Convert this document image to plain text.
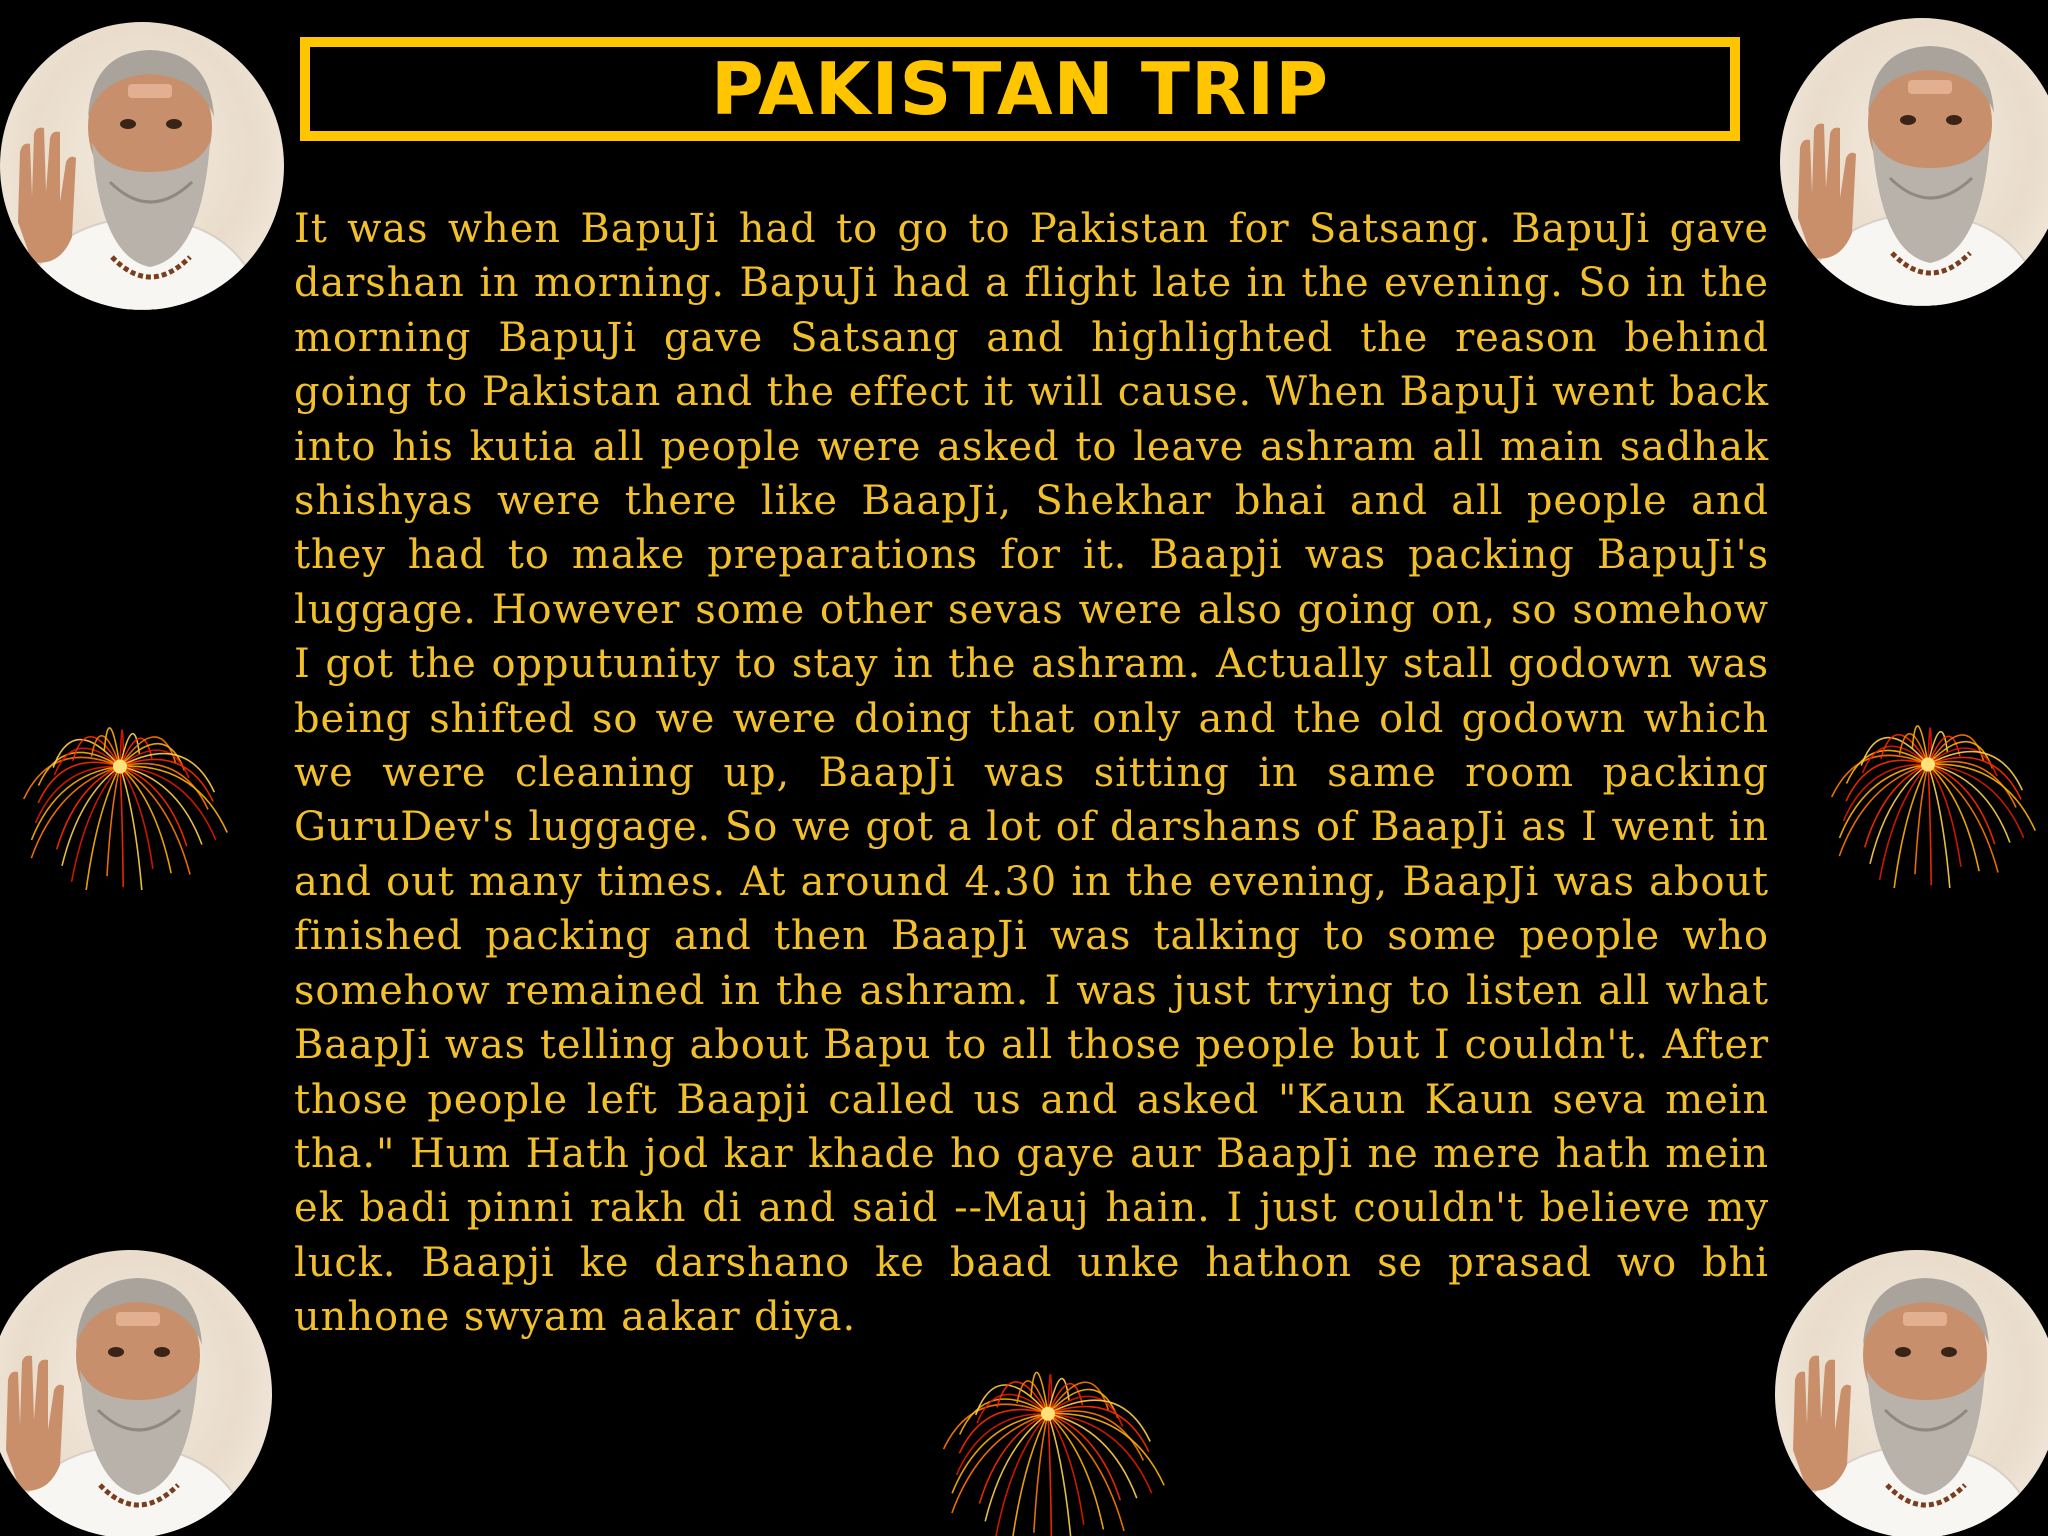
PAKISTAN TRIP

It was when BapuJi had to go to Pakistan for Satsang. BapuJi gave darshan in morning. BapuJi had a flight late in the evening. So in the morning BapuJi gave Satsang and highlighted the reason behind going to Pakistan and the effect it will cause. When BapuJi went back into his kutia all people were asked to leave ashram all main sadhak shishyas were there like BaapJi, Shekhar bhai and all people and they had to make preparations for it. Baapji was packing BapuJi's luggage. However some other sevas were also going on, so somehow I got the opputunity to stay in the ashram. Actually stall godown was being shifted so we were doing that only and the old godown which we were cleaning up, BaapJi was sitting in same room packing GuruDev's luggage. So we got a lot of darshans of BaapJi as I went in and out many times. At around 4.30 in the evening, BaapJi was about finished packing and then BaapJi was talking to some people who somehow remained in the ashram. I was just trying to listen all what BaapJi was telling about Bapu to all those people but I couldn't. After those people left Baapji called us and asked "Kaun Kaun seva mein tha." Hum Hath jod kar khade ho gaye aur BaapJi ne mere hath mein ek badi pinni rakh di and said --Mauj hain. I just couldn't believe my luck. Baapji ke darshano ke baad unke hathon se prasad wo bhi unhone swyam aakar diya.
